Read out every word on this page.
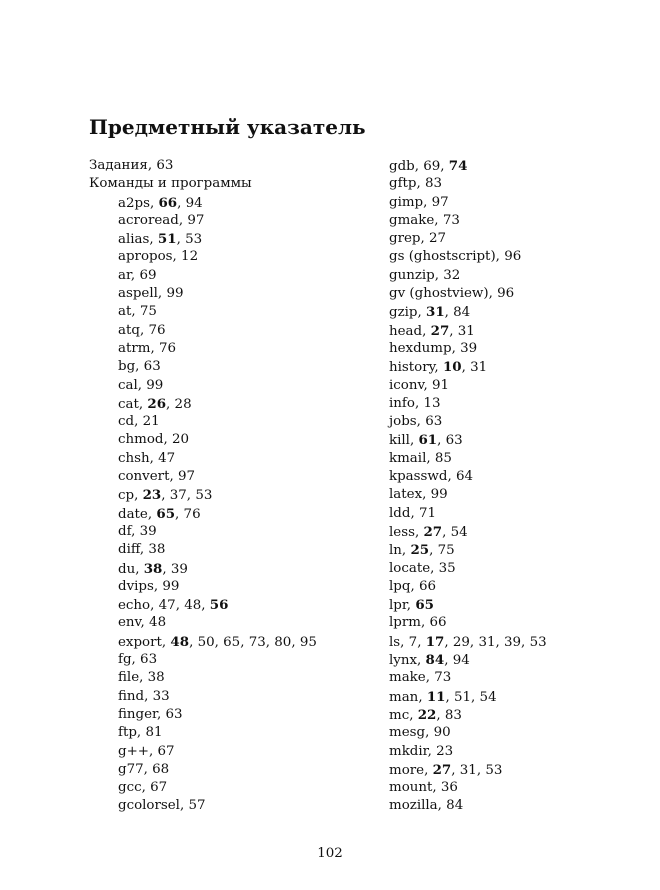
Предметный указатель
Задания, 63
Команды и программы
a2ps, 66, 94
acroread, 97
alias, 51, 53
apropos, 12
ar, 69
aspell, 99
at, 75
atq, 76
atrm, 76
bg, 63
cal, 99
cat, 26, 28
cd, 21
chmod, 20
chsh, 47
convert, 97
cp, 23, 37, 53
date, 65, 76
df, 39
diff, 38
du, 38, 39
dvips, 99
echo, 47, 48, 56
env, 48
export, 48, 50, 65, 73, 80, 95
fg, 63
file, 38
find, 33
finger, 63
ftp, 81
g++, 67
g77, 68
gcc, 67
gcolorsel, 57
gdb, 69, 74
gftp, 83
gimp, 97
gmake, 73
grep, 27
gs (ghostscript), 96
gunzip, 32
gv (ghostview), 96
gzip, 31, 84
head, 27, 31
hexdump, 39
history, 10, 31
iconv, 91
info, 13
jobs, 63
kill, 61, 63
kmail, 85
kpasswd, 64
latex, 99
ldd, 71
less, 27, 54
ln, 25, 75
locate, 35
lpq, 66
lpr, 65
lprm, 66
ls, 7, 17, 29, 31, 39, 53
lynx, 84, 94
make, 73
man, 11, 51, 54
mc, 22, 83
mesg, 90
mkdir, 23
more, 27, 31, 53
mount, 36
mozilla, 84
102
